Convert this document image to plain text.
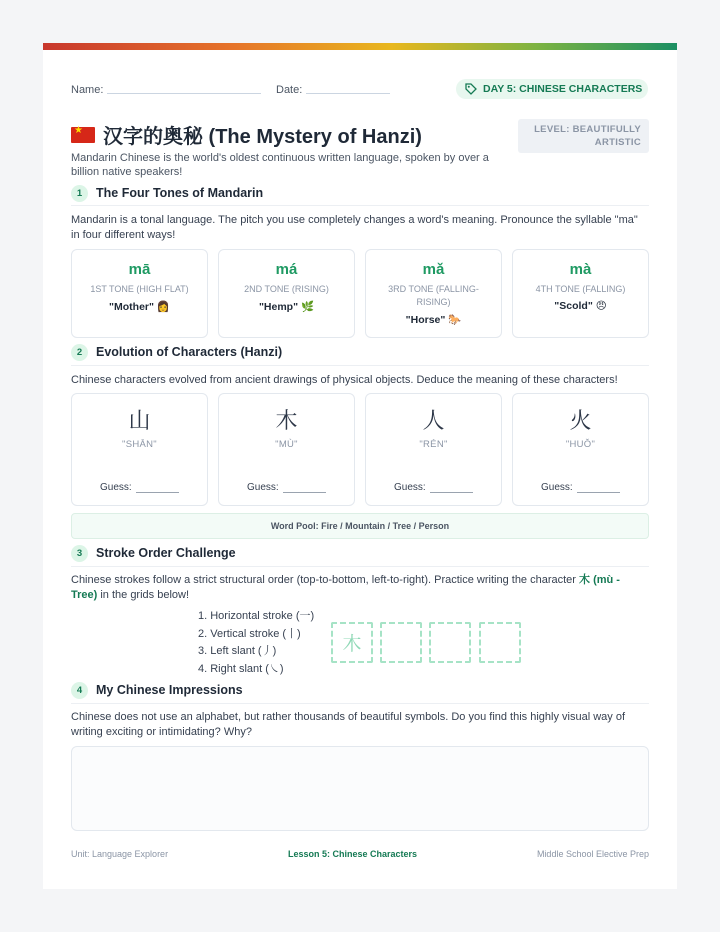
Name:	Date:	DAY 5: CHINESE CHARACTERS
LEVEL: BEAUTIFULLY ARTISTIC
★
汉字的奥秘 (The Mystery of Hanzi)
Mandarin Chinese is the world's oldest continuous written language, spoken by over a billion native speakers!
1	The Four Tones of Mandarin
Mandarin is a tonal language. The pitch you use completely changes a word's meaning. Pronounce the syllable "ma" in four different ways!
mā
1ST TONE (HIGH FLAT)
"Mother" 👩
má
2ND TONE (RISING)
"Hemp" 🌿
mǎ
3RD TONE (FALLING-RISING)
"Horse" 🐎
mà
4TH TONE (FALLING)
"Scold" 😠
2	Evolution of Characters (Hanzi)
Chinese characters evolved from ancient drawings of physical objects. Deduce the meaning of these characters!
山
"SHĀN"
Guess:
木
"MÙ"
Guess:
人
"RÉN"
Guess:
火
"HUǑ"
Guess:
Word Pool: Fire / Mountain / Tree / Person
3	Stroke Order Challenge
Chinese strokes follow a strict structural order (top-to-bottom, left-to-right). Practice writing the character 木 (mù - Tree) in the grids below!
1. Horizontal stroke (一)
2. Vertical stroke (丨)
3. Left slant (丿)
4. Right slant (㇏)
木
4	My Chinese Impressions
Chinese does not use an alphabet, but rather thousands of beautiful symbols. Do you find this highly visual way of writing exciting or intimidating? Why?
Unit: Language Explorer	Lesson 5: Chinese Characters	Middle School Elective Prep
